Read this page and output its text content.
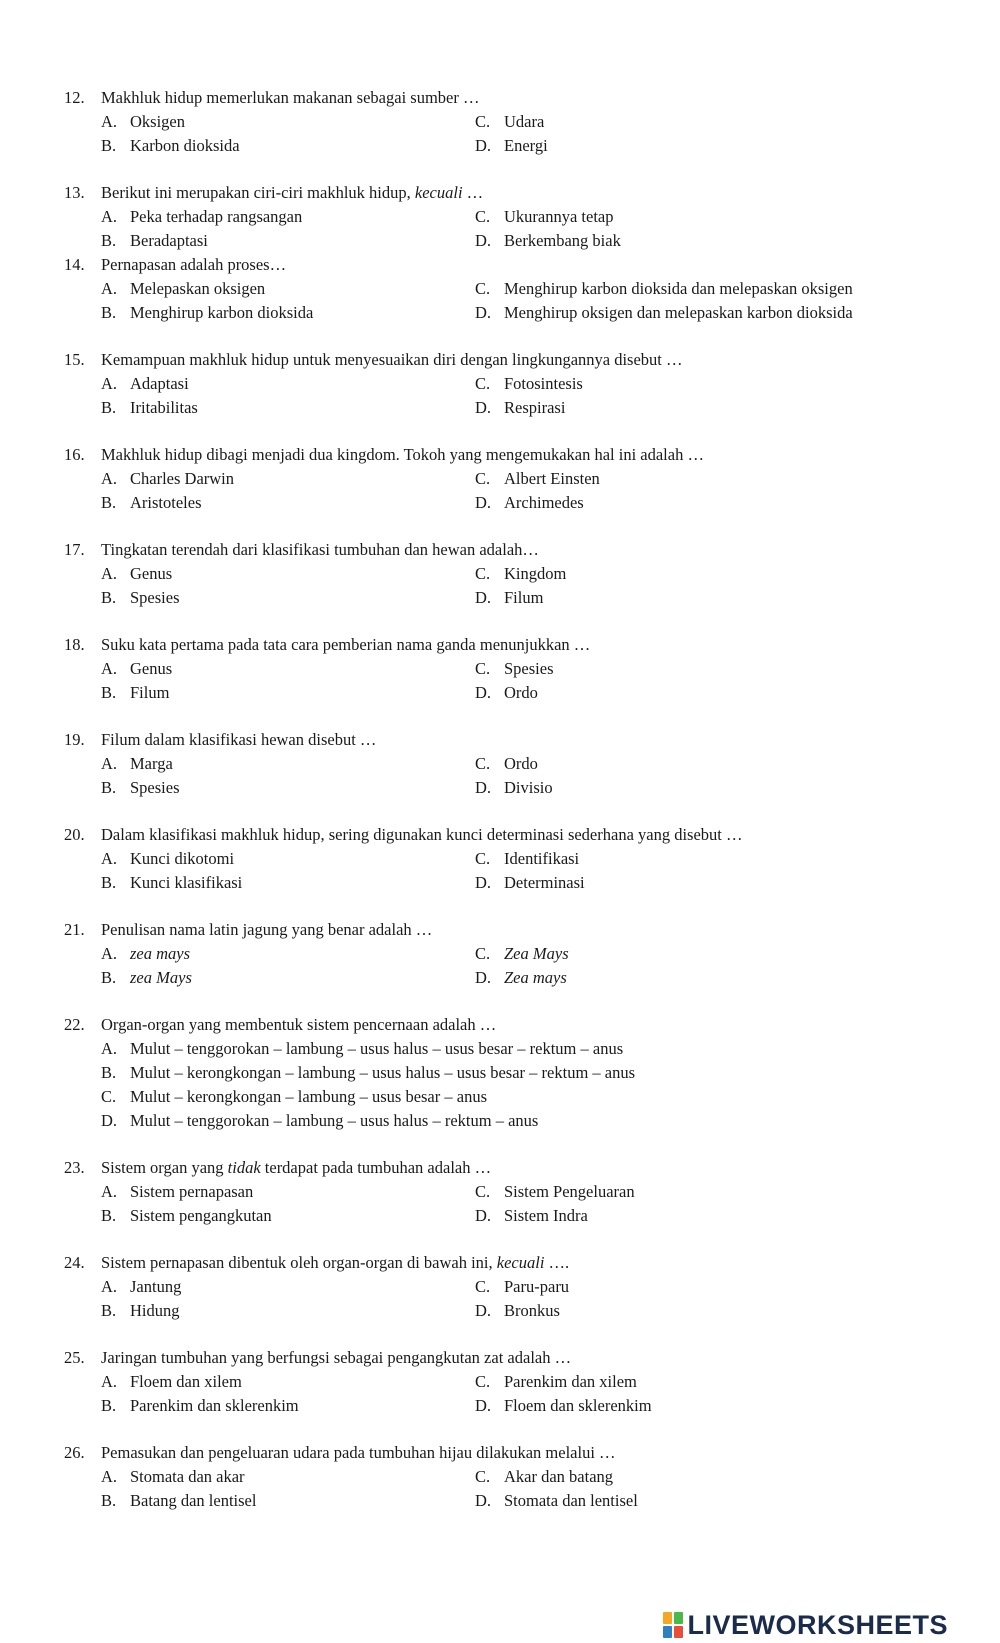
12. Makhluk hidup memerlukan makanan sebagai sumber …
A. Oksigen
B. Karbon dioksida
C. Udara
D. Energi
13. Berikut ini merupakan ciri-ciri makhluk hidup, kecuali …
A. Peka terhadap rangsangan
B. Beradaptasi
C. Ukurannya tetap
D. Berkembang biak
14. Pernapasan adalah proses…
A. Melepaskan oksigen
B. Menghirup karbon dioksida
C. Menghirup karbon dioksida dan melepaskan oksigen
D. Menghirup oksigen dan melepaskan karbon dioksida
15. Kemampuan makhluk hidup untuk menyesuaikan diri dengan lingkungannya disebut …
A. Adaptasi
B. Iritabilitas
C. Fotosintesis
D. Respirasi
16. Makhluk hidup dibagi menjadi dua kingdom. Tokoh yang mengemukakan hal ini adalah …
A. Charles Darwin
B. Aristoteles
C. Albert Einsten
D. Archimedes
17. Tingkatan terendah dari klasifikasi tumbuhan dan hewan adalah…
A. Genus
B. Spesies
C. Kingdom
D. Filum
18. Suku kata pertama pada tata cara pemberian nama ganda menunjukkan …
A. Genus
B. Filum
C. Spesies
D. Ordo
19. Filum dalam klasifikasi hewan disebut …
A. Marga
B. Spesies
C. Ordo
D. Divisio
20. Dalam klasifikasi makhluk hidup, sering digunakan kunci determinasi sederhana yang disebut …
A. Kunci dikotomi
B. Kunci klasifikasi
C. Identifikasi
D. Determinasi
21. Penulisan nama latin jagung yang benar adalah …
A. zea mays
B. zea Mays
C. Zea Mays
D. Zea mays
22. Organ-organ yang membentuk sistem pencernaan adalah …
A. Mulut – tenggorokan – lambung – usus halus – usus besar – rektum – anus
B. Mulut – kerongkongan – lambung – usus halus – usus besar – rektum – anus
C. Mulut – kerongkongan – lambung – usus besar – anus
D. Mulut – tenggorokan – lambung – usus halus – rektum – anus
23. Sistem organ yang tidak terdapat pada tumbuhan adalah …
A. Sistem pernapasan
B. Sistem pengangkutan
C. Sistem Pengeluaran
D. Sistem Indra
24. Sistem pernapasan dibentuk oleh organ-organ di bawah ini, kecuali ….
A. Jantung
B. Hidung
C. Paru-paru
D. Bronkus
25. Jaringan tumbuhan yang berfungsi sebagai pengangkutan zat adalah …
A. Floem dan xilem
B. Parenkim dan sklerenkim
C. Parenkim dan xilem
D. Floem dan sklerenkim
26. Pemasukan dan pengeluaran udara pada tumbuhan hijau dilakukan melalui …
A. Stomata dan akar
B. Batang dan lentisel
C. Akar dan batang
D. Stomata dan lentisel
LIVEWORKSHEETS
